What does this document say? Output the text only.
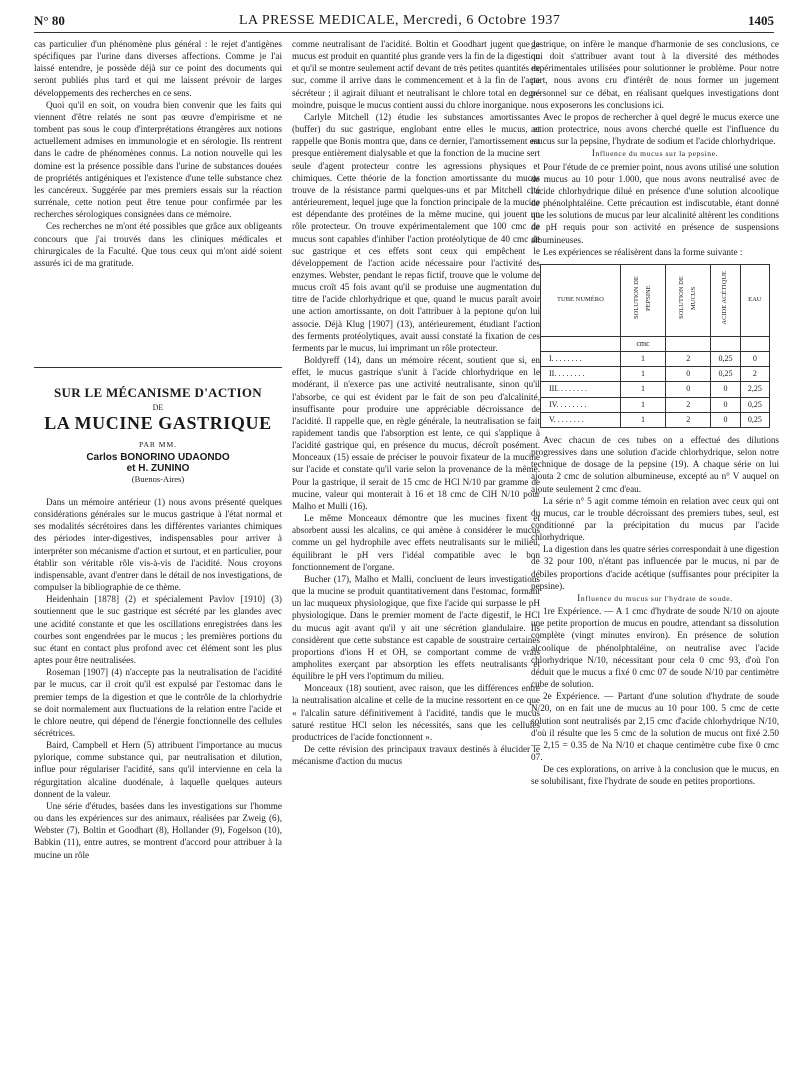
N° 80	LA PRESSE MEDICALE, Mercredi, 6 Octobre 1937	1405

cas particulier d'un phénomène plus général : le rejet d'antigènes spécifiques par l'urine dans diverses affections. Comme je l'ai laissé entendre, je possède déjà sur ce point des documents qui seront publiés plus tard et qui me laissent prévoir de larges développements des recherches en ce sens.

Quoi qu'il en soit, on voudra bien convenir que les faits qui viennent d'être relatés ne sont pas œuvre d'empirisme et ne tombent pas sous le coup d'interprétations étrangères aux notions actuellement admises en immunologie et en sérologie. Ils rentrent dans le cadre de phénomènes connus. La notion nouvelle qui les domine est la présence possible dans l'urine de substances douées de propriétés antigéniques et l'existence d'une telle substance chez les cancéreux. Suggérée par mes premiers essais sur la réaction surrénale, cette notion peut être tenue pour confirmée par les recherches sérologiques consignées dans ce mémoire.

Ces recherches ne m'ont été possibles que grâce aux obligeants concours que j'ai trouvés dans les cliniques médicales et chirurgicales de la Faculté. Que tous ceux qui m'ont aidé soient assurés ici de ma gratitude.

SUR LE MÉCANISME D'ACTION
DE
LA MUCINE GASTRIQUE
PAR MM.
Carlos BONORINO UDAONDO
et H. ZUNINO
(Buenos-Aires)

Dans un mémoire antérieur (1) nous avons présenté quelques considérations générales sur le mucus gastrique à l'état normal et ses modalités sécrétoires dans les différentes variantes chimiques des périodes inter-digestives, indispensables pour arriver à interpréter son mécanisme d'action et surtout, et en particulier, pour établir son véritable rôle vis-à-vis de l'acidité. Nous croyons indispensable, avant d'entrer dans le détail de nos investigations, de compulser la bibliographie de ce thème.

Heidenhain [1878] (2) et spécialement Pavlov [1910] (3) soutiennent que le suc gastrique est sécrété par les glandes avec une acidité constante et que les oscillations enregistrées dans les courbes sont engendrées par le mucus ; les premières portions du suc étant en contact plus profond avec cet élément sont les plus aptes pour être neutralisées.

Roseman [1907] (4) n'accepte pas la neutralisation de l'acidité par le mucus, car il croit qu'il est expulsé par l'estomac dans le premier temps de la digestion et que le contrôle de la chlorhydrie se doit normalement aux fluctuations de la relation entre l'acide et le chlore neutre, qui dépend de l'énergie fonctionnelle des cellules sécrétrices.

Baird, Campbell et Hern (5) attribuent l'importance au mucus pylorique, comme substance qui, par neutralisation et dilution, influe pour régulariser l'acidité, sans qu'il intervienne en cela la régurgitation alcaline duodénale, à laquelle quelques auteurs donnent de la valeur.

Une série d'études, basées dans les investigations sur l'homme ou dans les expériences sur des animaux, réalisées par Zweig (6), Webster (7), Boltin et Goodhart (8), Hollander (9), Fogelson (10), Babkin (11), entre autres, se montrent d'accord pour attribuer à la mucine un rôle

comme neutralisant de l'acidité. Boltin et Goodhart jugent que le mucus est produit en quantité plus grande vers la fin de la digestion et qu'il se montre seulement actif devant de très petites quantités de suc, comme il arrive dans le commencement et à la fin de l'acte sécréteur ; il agirait diluant et neutralisant le chlore total en degré moindre, puisque le mucus contient aussi du chlore inorganique.

Carlyle Mitchell (12) étudie les substances amortissantes (buffer) du suc gastrique, englobant entre elles le mucus, et rappelle que Bonis montra que, dans ce dernier, l'amortissement est presque entièrement dialysable et que la fonction de la mucine sert seule d'agent protecteur contre les agressions physiques et chimiques. Cette théorie de la fonction amortissante du mucus trouve de la résistance parmi quelques-uns et par Mitchell cité antérieurement, lequel juge que la fonction principale de la mucine est dépendante des protéines de la même mucine, qui jouent un rôle protecteur. On trouve expérimentalement que 100 cmc de mucus sont capables d'inhiber l'action protéolytique de 40 cmc de suc gastrique et ces effets sont ceux qui empêchent le développement de l'action acide nécessaire pour l'activité des enzymes. Webster, pendant le repas fictif, trouve que le volume de mucus croît 45 fois avant qu'il se produise une augmentation du titre de l'acide chlorhydrique et que, quand le mucus paraît avoir une action amortissante, on doit l'attribuer à la peptone qu'on lui associe. Déjà Klug [1907] (13), antérieurement, étudiant l'action des ferments protéolytiques, avait aussi constaté la fixation de ces ferments par le mucus, lui imprimant un rôle protecteur.

Boldyreff (14), dans un mémoire récent, soutient que si, en effet, le mucus gastrique s'unit à l'acide chlorhydrique en le modérant, il n'exerce pas une activité neutralisante, sinon qu'il l'absorbe, ce qui est évident par le fait de son peu d'alcalinité, insuffisante pour produire une appréciable décroissance de l'acidité. Il rappelle que, en règle générale, la neutralisation se fait rapidement tandis que l'absorption est lente, ce qui s'applique à l'acidité gastrique qui, en présence du mucus, décroît posément. Monceaux (15) essaie de préciser le pouvoir fixateur de la mucine sur l'acide et constate qu'il varie selon la provenance de la même. Pour la gastrique, il serait de 15 cmc de HCl N/10 par gramme de mucine, valeur qui monterait à 16 et 18 cmc de ClH N/10 pour Malho et Mulli (16).

Le même Monceaux démontre que les mucines fixent et absorbent aussi les alcalins, ce qui amène à considérer le mucus comme un gel hydrophile avec effets neutralisants sur le milieu, équilibrant le pH vers l'idéal compatible avec le bon fonctionnement de l'organe.

Bucher (17), Malho et Malli, concluent de leurs investigations que la mucine se produit quantitativement dans l'estomac, formant un lac muqueux physiologique, que fixe l'acide qui surpasse le pH physiologique. Dans le premier moment de l'acte digestif, le HCl du mucus agit avant qu'il y ait une sécrétion glandulaire. Ils considèrent que cette substance est capable de soustraire certaines proportions d'ions H et OH, se comportant comme de vrais ampholites exerçant par absorption les effets neutralisants et équilibre le pH vers l'optimum du milieu.

Monceaux (18) soutient, avec raison, que les différences entre la neutralisation alcaline et celle de la mucine ressortent en ce que « l'alcalin sature définitivement à l'acidité, tandis que le mucus saturé restitue HCl selon les nécessités, sans que les cellules productrices de l'acide fonctionnent ».

De cette révision des principaux travaux destinés à élucider le mécanisme d'action du mucus

gastrique, on infère le manque d'harmonie de ses conclusions, ce qui doit s'attribuer avant tout à la diversité des méthodes expérimentales utilisées pour solutionner le problème. Pour notre part, nous avons cru d'intérêt de nous former un jugement personnel sur ce débat, en réalisant quelques investigations dont nous exposerons les conclusions ici.

Avec le propos de rechercher à quel degré le mucus exerce une action protectrice, nous avons cherché quelle est l'influence du mucus sur la pepsine, l'hydrate de sodium et l'acide chlorhydrique.

Influence du mucus sur la pepsine.

Pour l'étude de ce premier point, nous avons utilisé une solution de mucus au 10 pour 1.000, que nous avons neutralisé avec de l'acide chlorhydrique dilué en présence d'une solution alcoolique de phénolphtaléine. Cette précaution est indiscutable, étant donné que les solutions de mucus par leur alcalinité altèrent les conditions de pH requis pour son activité en présence de suspensions albumineuses.

Les expériences se réalisèrent dans la forme suivante :

TUBE NUMÉRO	SOLUTION DE PEPSINE	SOLUTION DE MUCUS	ACIDE ACÉTIQUE	EAU
	cmc			
I. . . . . . . .	1	2	0,25	0
II. . . . . . . .	1	0	0,25	2
III. . . . . . . .	1	0	0	2,25
IV. . . . . . . .	1	2	0	0,25
V. . . . . . . .	1	2	0	0,25

Avec chacun de ces tubes on a effectué des dilutions progressives dans une solution d'acide chlorhydrique, selon notre technique de dosage de la pepsine (19). A chaque série on lui ajouta 2 cmc de solution albumineuse, excepté au n° V auquel on ajoute seulement 2 cmc d'eau.

La série n° 5 agit comme témoin en relation avec ceux qui ont du mucus, car le trouble décroissant des premiers tubes, seul, est conditionné par la précipitation du mucus par l'acide chlorhydrique.

La digestion dans les quatre séries correspondait à une digestion de 32 pour 100, n'étant pas influencée par le mucus, ni par de débiles proportions d'acide acétique (suffisantes pour précipiter la pepsine).

Influence du mucus sur l'hydrate de soude.

1re Expérience. — A 1 cmc d'hydrate de soude N/10 on ajoute une petite proportion de mucus en poudre, attendant sa dissolution complète (vingt minutes environ). En présence de solution alcoolique de phénolphtaléine, on neutralise avec l'acide chlorhydrique N/10, nécessitant pour cela 0 cmc 93, d'où l'on déduit que le mucus a fixé 0 cmc 07 de soude N/10 par centimètre cube de solution.

2e Expérience. — Partant d'une solution d'hydrate de soude N/20, on en fait une de mucus au 10 pour 100. 5 cmc de cette solution sont neutralisés par 2,15 cmc d'acide chlorhydrique N/10, d'où il résulte que les 5 cmc de la solution de mucus ont fixé 2.50 — 2,15 = 0.35 de Na N/10 et chaque centimètre cube fixe 0 cmc 07.

De ces explorations, on arrive à la conclusion que le mucus, en se solubilisant, fixe l'hydrate de soude en petites proportions.
